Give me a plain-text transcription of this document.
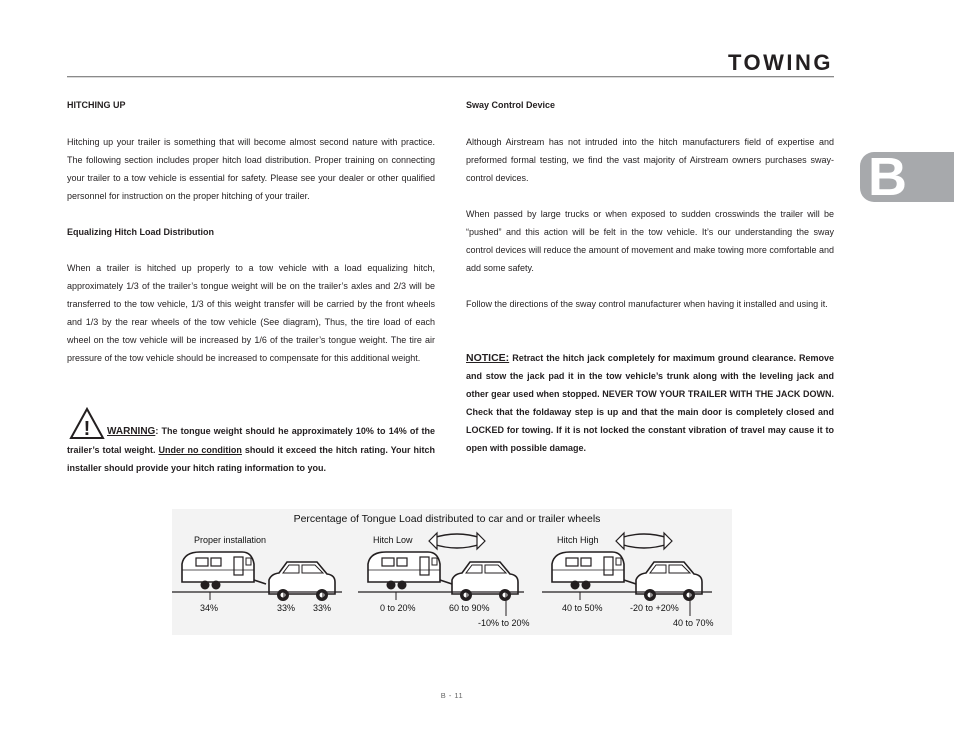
TOWING
B
HITCHING UP
Hitching up your trailer is something that will become almost second nature with practice. The following section includes proper hitch load distribution. Proper training on connecting your trailer to a tow vehicle is essential for safety. Please see your dealer or other qualified personnel for instruction on the proper hitching of your trailer.
Equalizing Hitch Load Distribution
When a trailer is hitched up properly to a tow vehicle with a load equalizing hitch, approximately 1/3 of the trailer’s tongue weight will be on the trailer’s axles and 2/3 will be transferred to the tow vehicle, 1/3 of this weight transfer will be carried by the front wheels and 1/3 by the rear wheels of the tow vehicle (See diagram), Thus, the tire load of each wheel on the tow vehicle will be increased by 1/6 of the trailer’s tongue weight. The tire air pressure of the tow vehicle should be increased to compensate for this additional weight.
!	WARNING: The tongue weight should he approximately 10% to 14% of the trailer’s total weight. Under no condition should it exceed the hitch rating. Your hitch installer should provide your hitch rating information to you.
Sway Control Device
Although Airstream has not intruded into the hitch manufacturers field of expertise and preformed formal testing, we find the vast majority of Airstream owners purchases sway-control devices.
When passed by large trucks or when exposed to sudden crosswinds the trailer will be “pushed” and this action will be felt in the tow vehicle. It’s our understanding the sway control devices will reduce the amount of movement and make towing more comfortable and add some safety.
Follow the directions of the sway control manufacturer when having it installed and using it.
NOTICE: Retract the hitch jack completely for maximum ground clearance. Remove and stow the jack pad it in the tow vehicle’s trunk along with the leveling jack and other gear used when stopped. NEVER TOW YOUR TRAILER WITH THE JACK DOWN. Check that the foldaway step is up and that the main door is completely closed and LOCKED for towing. If it is not locked the constant vibration of travel may cause it to open with possible damage.
Percentage of Tongue Load distributed to car and or trailer wheels
Proper installation	Hitch Low	Hitch High
34%	33% 33%	0 to 20%	60 to 90%
-10% to 20%
40 to 50%	-20 to +20%
40 to 70%
B - 11
